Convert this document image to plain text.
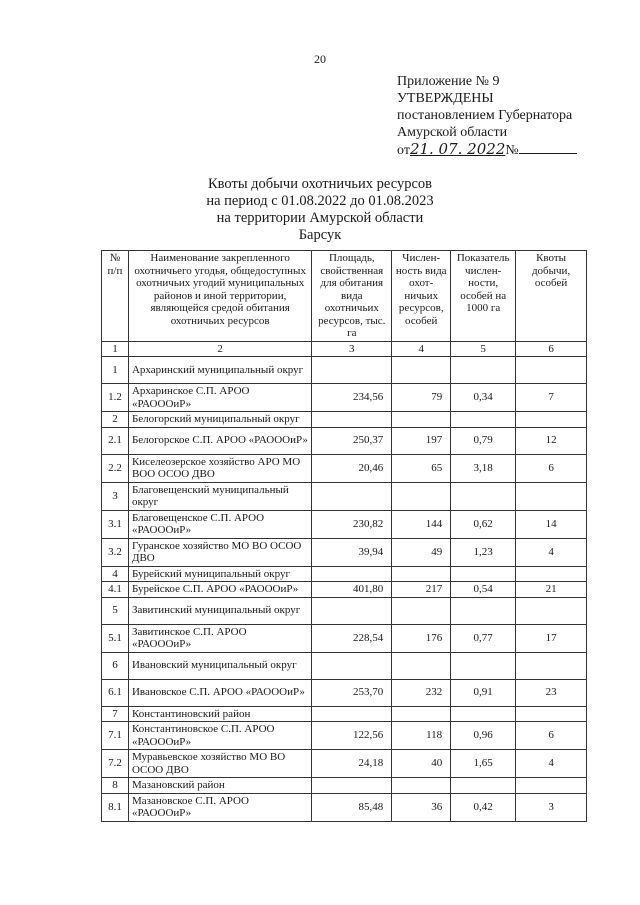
20
Приложение № 9
УТВЕРЖДЕНЫ
постановлением Губернатора
Амурской области
от21. 07. 2022№
Квоты добычи охотничьих ресурсов
на период с 01.08.2022 до 01.08.2023
на территории Амурской области
Барсук
№ п/п	Наименование закрепленного охотничьего угодья, общедоступных охотничьих угодий муниципальных районов и иной территории, являющейся средой обитания охотничьих ресурсов	Площадь, свойственная для обитания вида охотничьих ресурсов, тыс. га	Числен-ность вида охот-ничьих ресурсов, особей	Показатель числен-ности, особей на 1000 га	Квоты добычи, особей
1	2	3	4	5	6
1	Архаринский муниципальный округ				
1.2	Архаринское С.П. АРОО «РАОООиР»	234,56	79	0,34	7
2	Белогорский муниципальный округ				
2.1	Белогорское С.П. АРОО «РАОООиР»	250,37	197	0,79	12
2.2	Киселеозерское хозяйство АРО МО ВОО ОСОО ДВО	20,46	65	3,18	6
3	Благовещенский муниципальный округ				
3.1	Благовещенское С.П. АРОО «РАОООиР»	230,82	144	0,62	14
3.2	Гуранское хозяйство МО ВО ОСОО ДВО	39,94	49	1,23	4
4	Бурейский муниципальный округ				
4.1	Бурейское С.П. АРОО «РАОООиР»	401,80	217	0,54	21
5	Завитинский муниципальный округ				
5.1	Завитинское С.П. АРОО «РАОООиР»	228,54	176	0,77	17
6	Ивановский муниципальный округ				
6.1	Ивановское С.П. АРОО «РАОООиР»	253,70	232	0,91	23
7	Константиновский район				
7.1	Константиновское С.П. АРОО «РАОООиР»	122,56	118	0,96	6
7.2	Муравьевское хозяйство МО ВО ОСОО ДВО	24,18	40	1,65	4
8	Мазановский район				
8.1	Мазановское С.П. АРОО «РАОООиР»	85,48	36	0,42	3
